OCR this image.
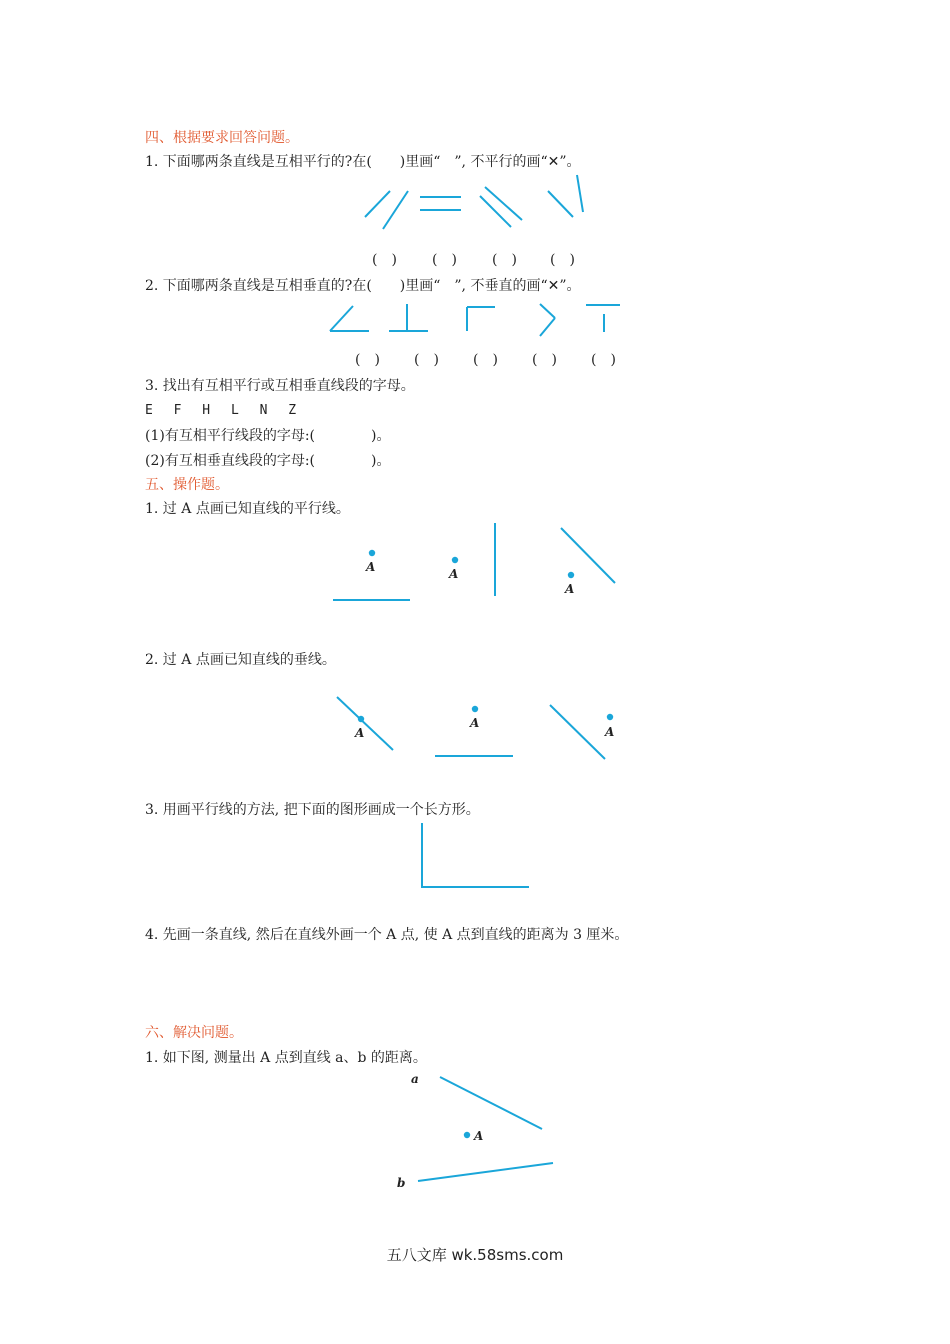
四、根据要求回答问题。
1. 下面哪两条直线是互相平行的?在(　　)里画“　”, 不平行的画“✕”。
(　)	(　)	(　) (　)
2. 下面哪两条直线是互相垂直的?在(　　)里画“　”, 不垂直的画“✕”。
(　) (　) (　) (　) (　)
3. 找出有互相平行或互相垂直线段的字母。
E　 F　 H　 L　 N　 Z
(1)有互相平行线段的字母:(　　　　)。
(2)有互相垂直线段的字母:(　　　　)。
五、操作题。
1. 过 A 点画已知直线的平行线。
2. 过 A 点画已知直线的垂线。
3. 用画平行线的方法, 把下面的图形画成一个长方形。
4. 先画一条直线, 然后在直线外画一个 A 点, 使 A 点到直线的距离为 3 厘米。
六、解决问题。
1. 如下图, 测量出 A 点到直线 a、b 的距离。
A	A
A
A
A
A
a
A
b
五八文库 wk.58sms.com
